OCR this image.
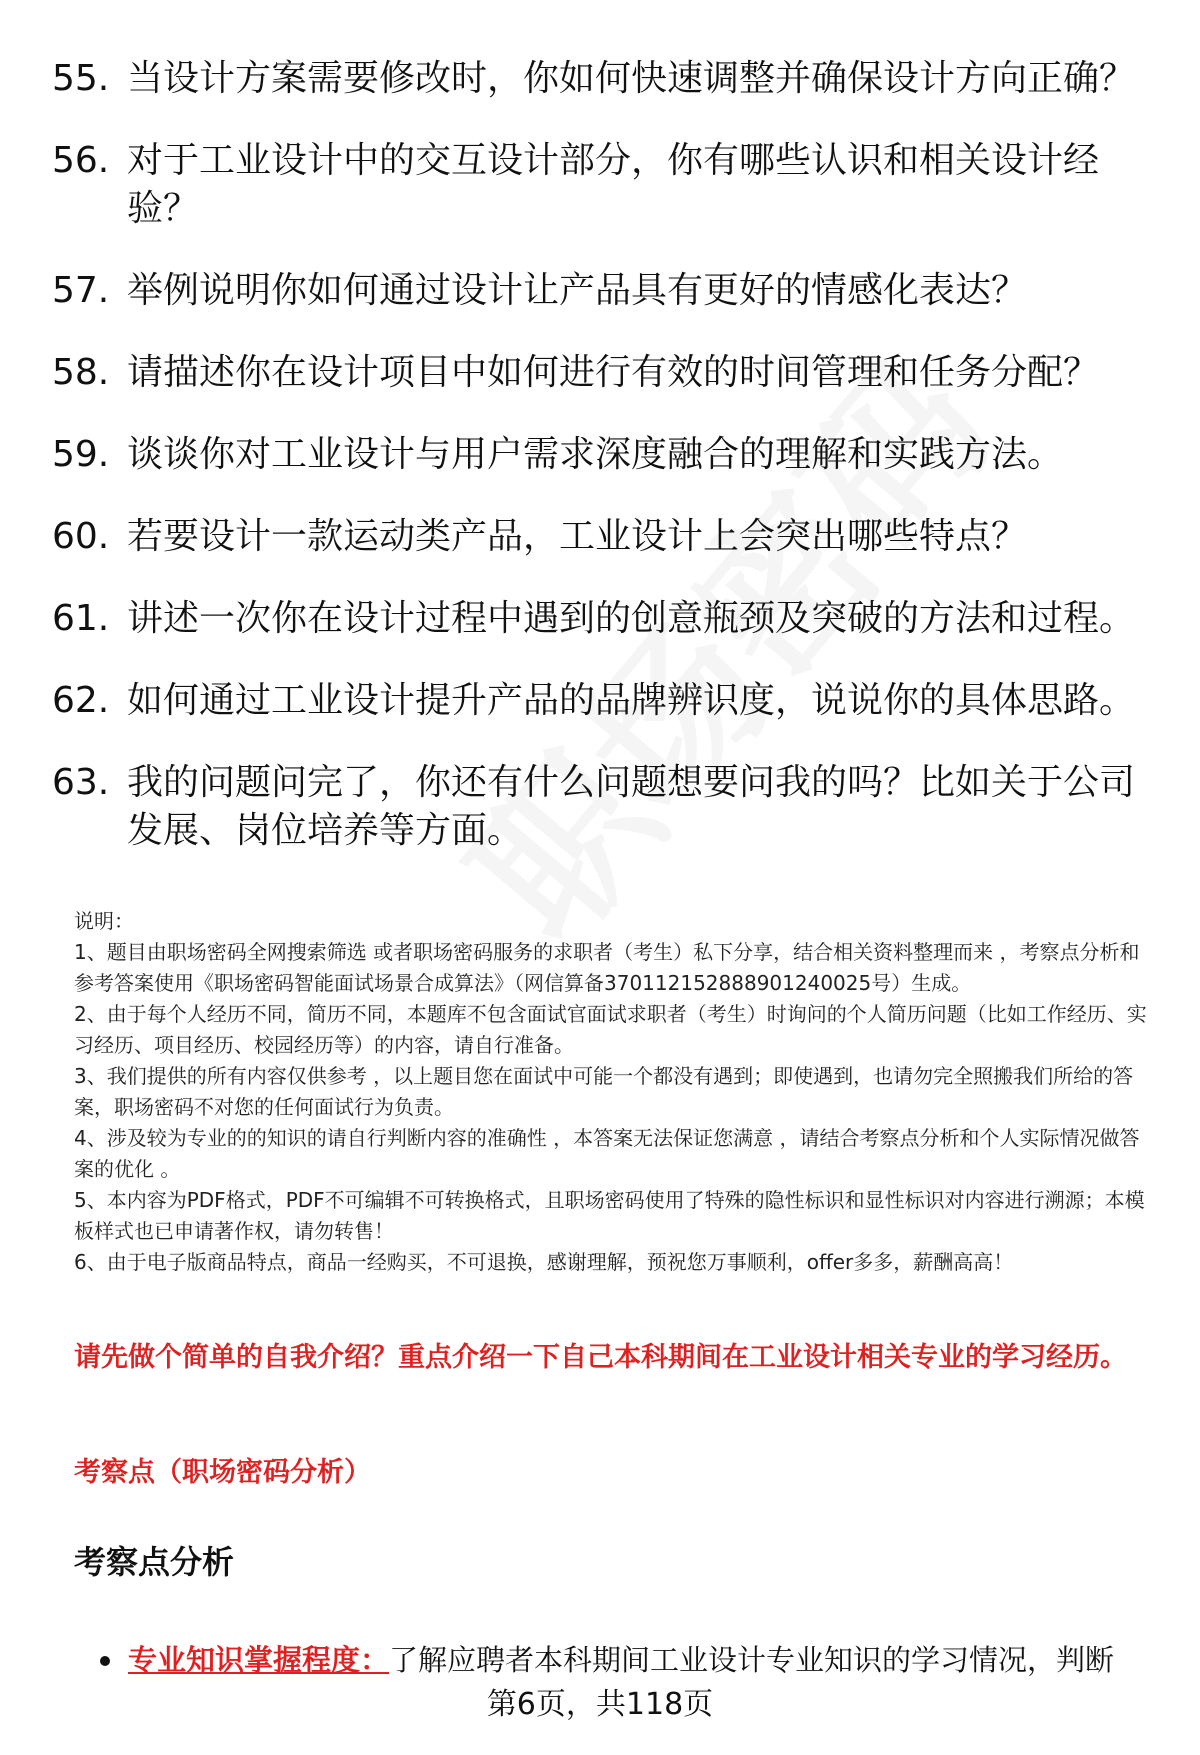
55. 当设计方案需要修改时，你如何快速调整并确保设计方向正确？
56. 对于工业设计中的交互设计部分，你有哪些认识和相关设计经验？
57. 举例说明你如何通过设计让产品具有更好的情感化表达？
58. 请描述你在设计项目中如何进行有效的时间管理和任务分配？
59. 谈谈你对工业设计与用户需求深度融合的理解和实践方法。
60. 若要设计一款运动类产品，工业设计上会突出哪些特点？
61. 讲述一次你在设计过程中遇到的创意瓶颈及突破的方法和过程。
62. 如何通过工业设计提升产品的品牌辨识度，说说你的具体思路。
63. 我的问题问完了，你还有什么问题想要问我的吗？比如关于公司发展、岗位培养等方面。

说明：

1、题目由职场密码全网搜索筛选 或者职场密码服务的求职者（考生）私下分享，结合相关资料整理而来 ，考察点分析和参考答案使用《职场密码智能面试场景合成算法》（网信算备370112152888901240025号）生成。

2、由于每个人经历不同，简历不同，本题库不包含面试官面试求职者（考生）时询问的个人简历问题（比如工作经历、实习经历、项目经历、校园经历等）的内容，请自行准备。

3、我们提供的所有内容仅供参考 ，以上题目您在面试中可能一个都没有遇到；即使遇到，也请勿完全照搬我们所给的答案，职场密码不对您的任何面试行为负责。

4、涉及较为专业的的知识的请自行判断内容的准确性 ，本答案无法保证您满意 ，请结合考察点分析和个人实际情况做答案的优化 。

5、本内容为PDF格式，PDF不可编辑不可转换格式，且职场密码使用了特殊的隐性标识和显性标识对内容进行溯源；本模板样式也已申请著作权，请勿转售！

6、由于电子版商品特点，商品一经购买，不可退换，感谢理解，预祝您万事顺利，offer多多，薪酬高高！

请先做个简单的自我介绍？重点介绍一下自己本科期间在工业设计相关专业的学习经历。
考察点（职场密码分析）
考察点分析
专业知识掌握程度： 了解应聘者本科期间工业设计专业知识的学习情况，判断
第6页，共118页
